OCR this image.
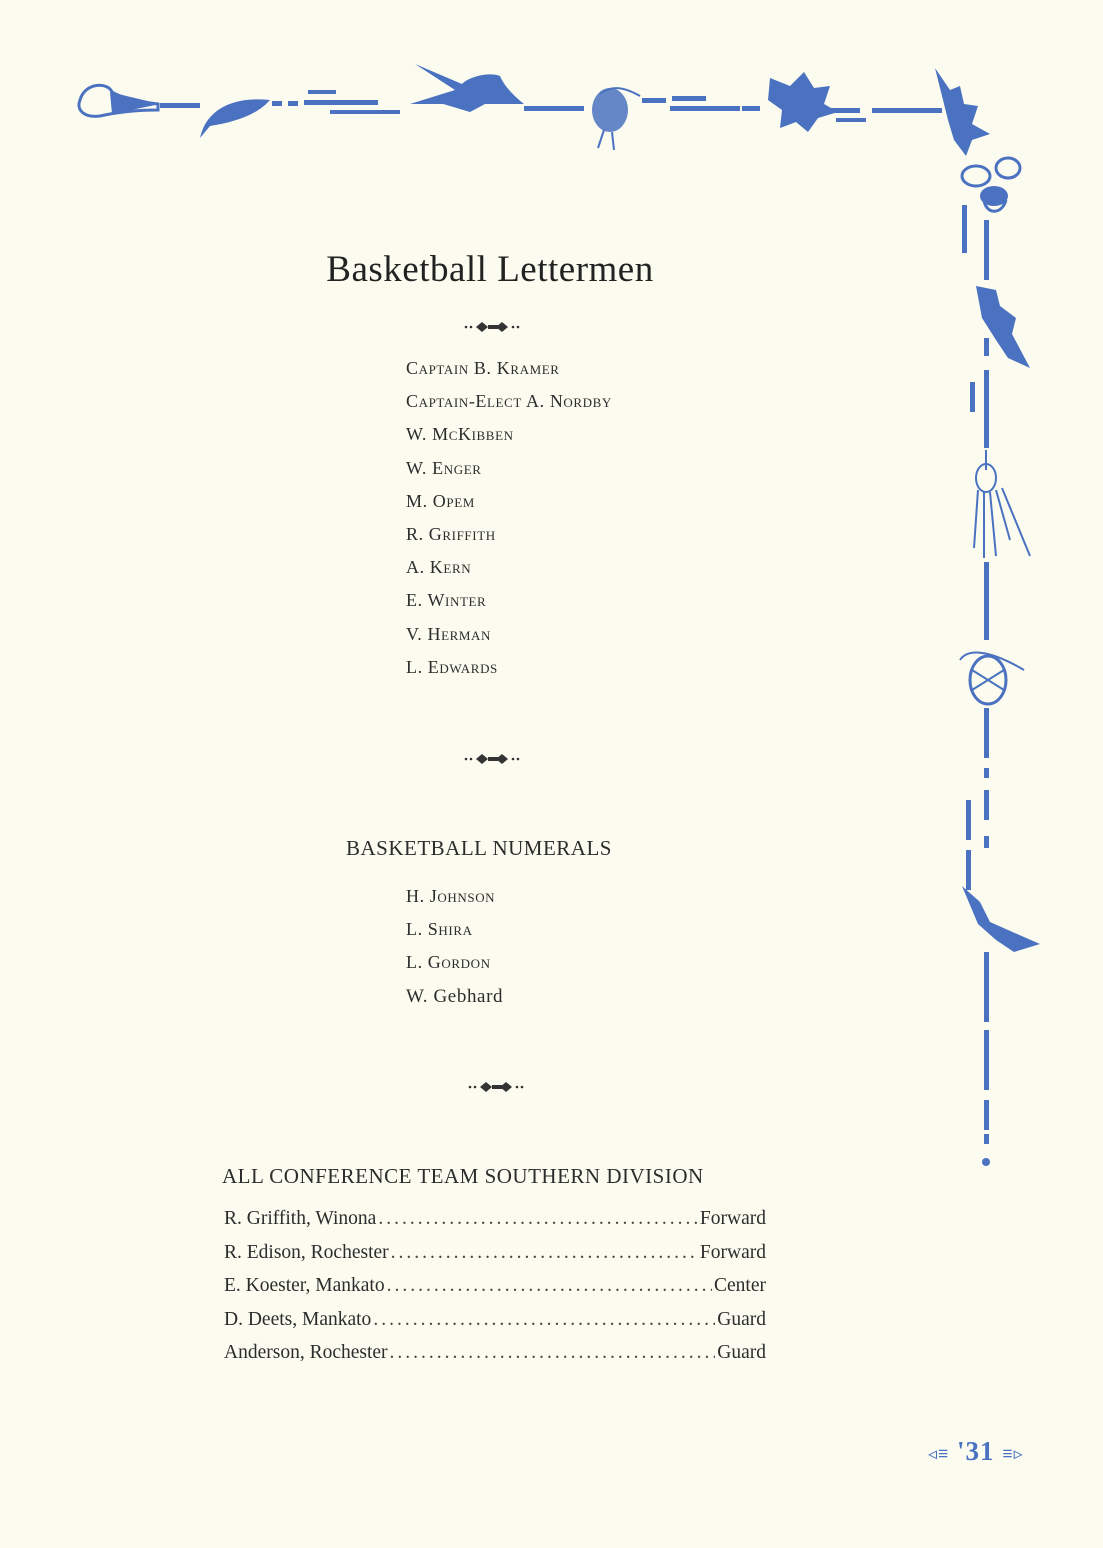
Basketball Lettermen
Captain B. Kramer
Captain-Elect A. Nordby
W. McKibben
W. Enger
M. Opem
R. Griffith
A. Kern
E. Winter
V. Herman
L. Edwards
BASKETBALL NUMERALS
H. Johnson
L. Shira
L. Gordon
W. Gebhard
ALL CONFERENCE TEAM SOUTHERN DIVISION
R. Griffith, Winona .....	Forward
R. Edison, Rochester .....	Forward
E. Koester, Mankato .....	Center
D. Deets, Mankato .....	Guard
Anderson, Rochester .....	Guard
◃≡ '31 ≡▹
